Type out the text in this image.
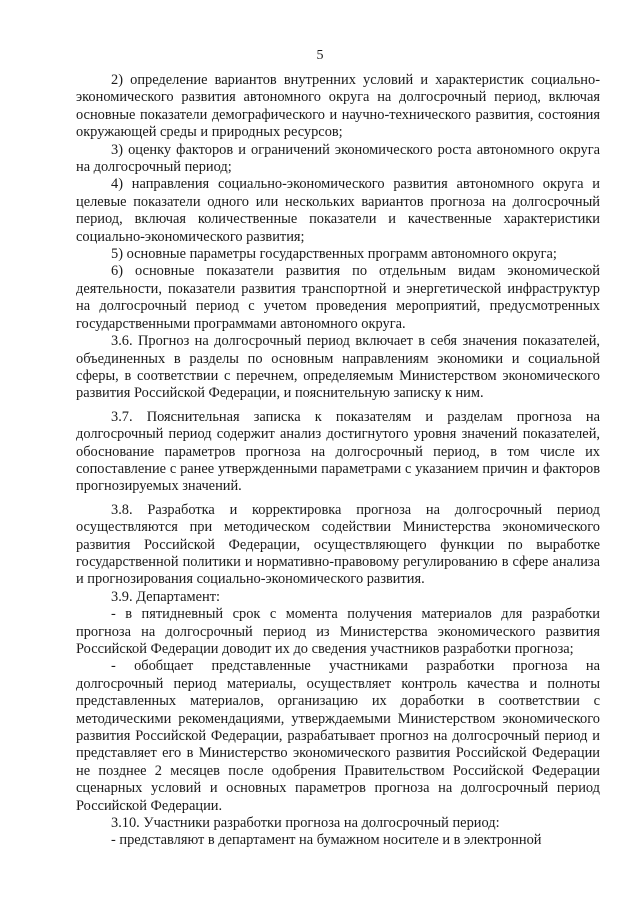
5

2) определение вариантов внутренних условий и характеристик социально-экономического развития автономного округа на долгосрочный период, включая основные показатели демографического и научно-технического развития, состояния окружающей среды и природных ресурсов;

3) оценку факторов и ограничений экономического роста автономного округа на долгосрочный период;

4) направления социально-экономического развития автономного округа и целевые показатели одного или нескольких вариантов прогноза на долгосрочный период, включая количественные показатели и качественные характеристики социально-экономического развития;

5) основные параметры государственных программ автономного округа;

6) основные показатели развития по отдельным видам экономической деятельности, показатели развития транспортной и энергетической инфраструктур на долгосрочный период с учетом проведения мероприятий, предусмотренных государственными программами автономного округа.

3.6. Прогноз на долгосрочный период включает в себя значения показателей, объединенных в разделы по основным направлениям экономики и социальной сферы, в соответствии с перечнем, определяемым Министерством экономического развития Российской Федерации, и пояснительную записку к ним.

3.7. Пояснительная записка к показателям и разделам прогноза на долгосрочный период содержит анализ достигнутого уровня значений показателей, обоснование параметров прогноза на долгосрочный период, в том числе их сопоставление с ранее утвержденными параметрами с указанием причин и факторов прогнозируемых значений.

3.8. Разработка и корректировка прогноза на долгосрочный период осуществляются при методическом содействии Министерства экономического развития Российской Федерации, осуществляющего функции по выработке государственной политики и нормативно-правовому регулированию в сфере анализа и прогнозирования социально-экономического развития.

3.9. Департамент:

- в пятидневный срок с момента получения материалов для разработки прогноза на долгосрочный период из Министерства экономического развития Российской Федерации доводит их до сведения участников разработки прогноза;

- обобщает представленные участниками разработки прогноза на долгосрочный период материалы, осуществляет контроль качества и полноты представленных материалов, организацию их доработки в соответствии с методическими рекомендациями, утверждаемыми Министерством экономического развития Российской Федерации, разрабатывает прогноз на долгосрочный период и представляет его в Министерство экономического развития Российской Федерации не позднее 2 месяцев после одобрения Правительством Российской Федерации сценарных условий и основных параметров прогноза на долгосрочный период Российской Федерации.

3.10. Участники разработки прогноза на долгосрочный период:

- представляют в департамент на бумажном носителе и в электронной
